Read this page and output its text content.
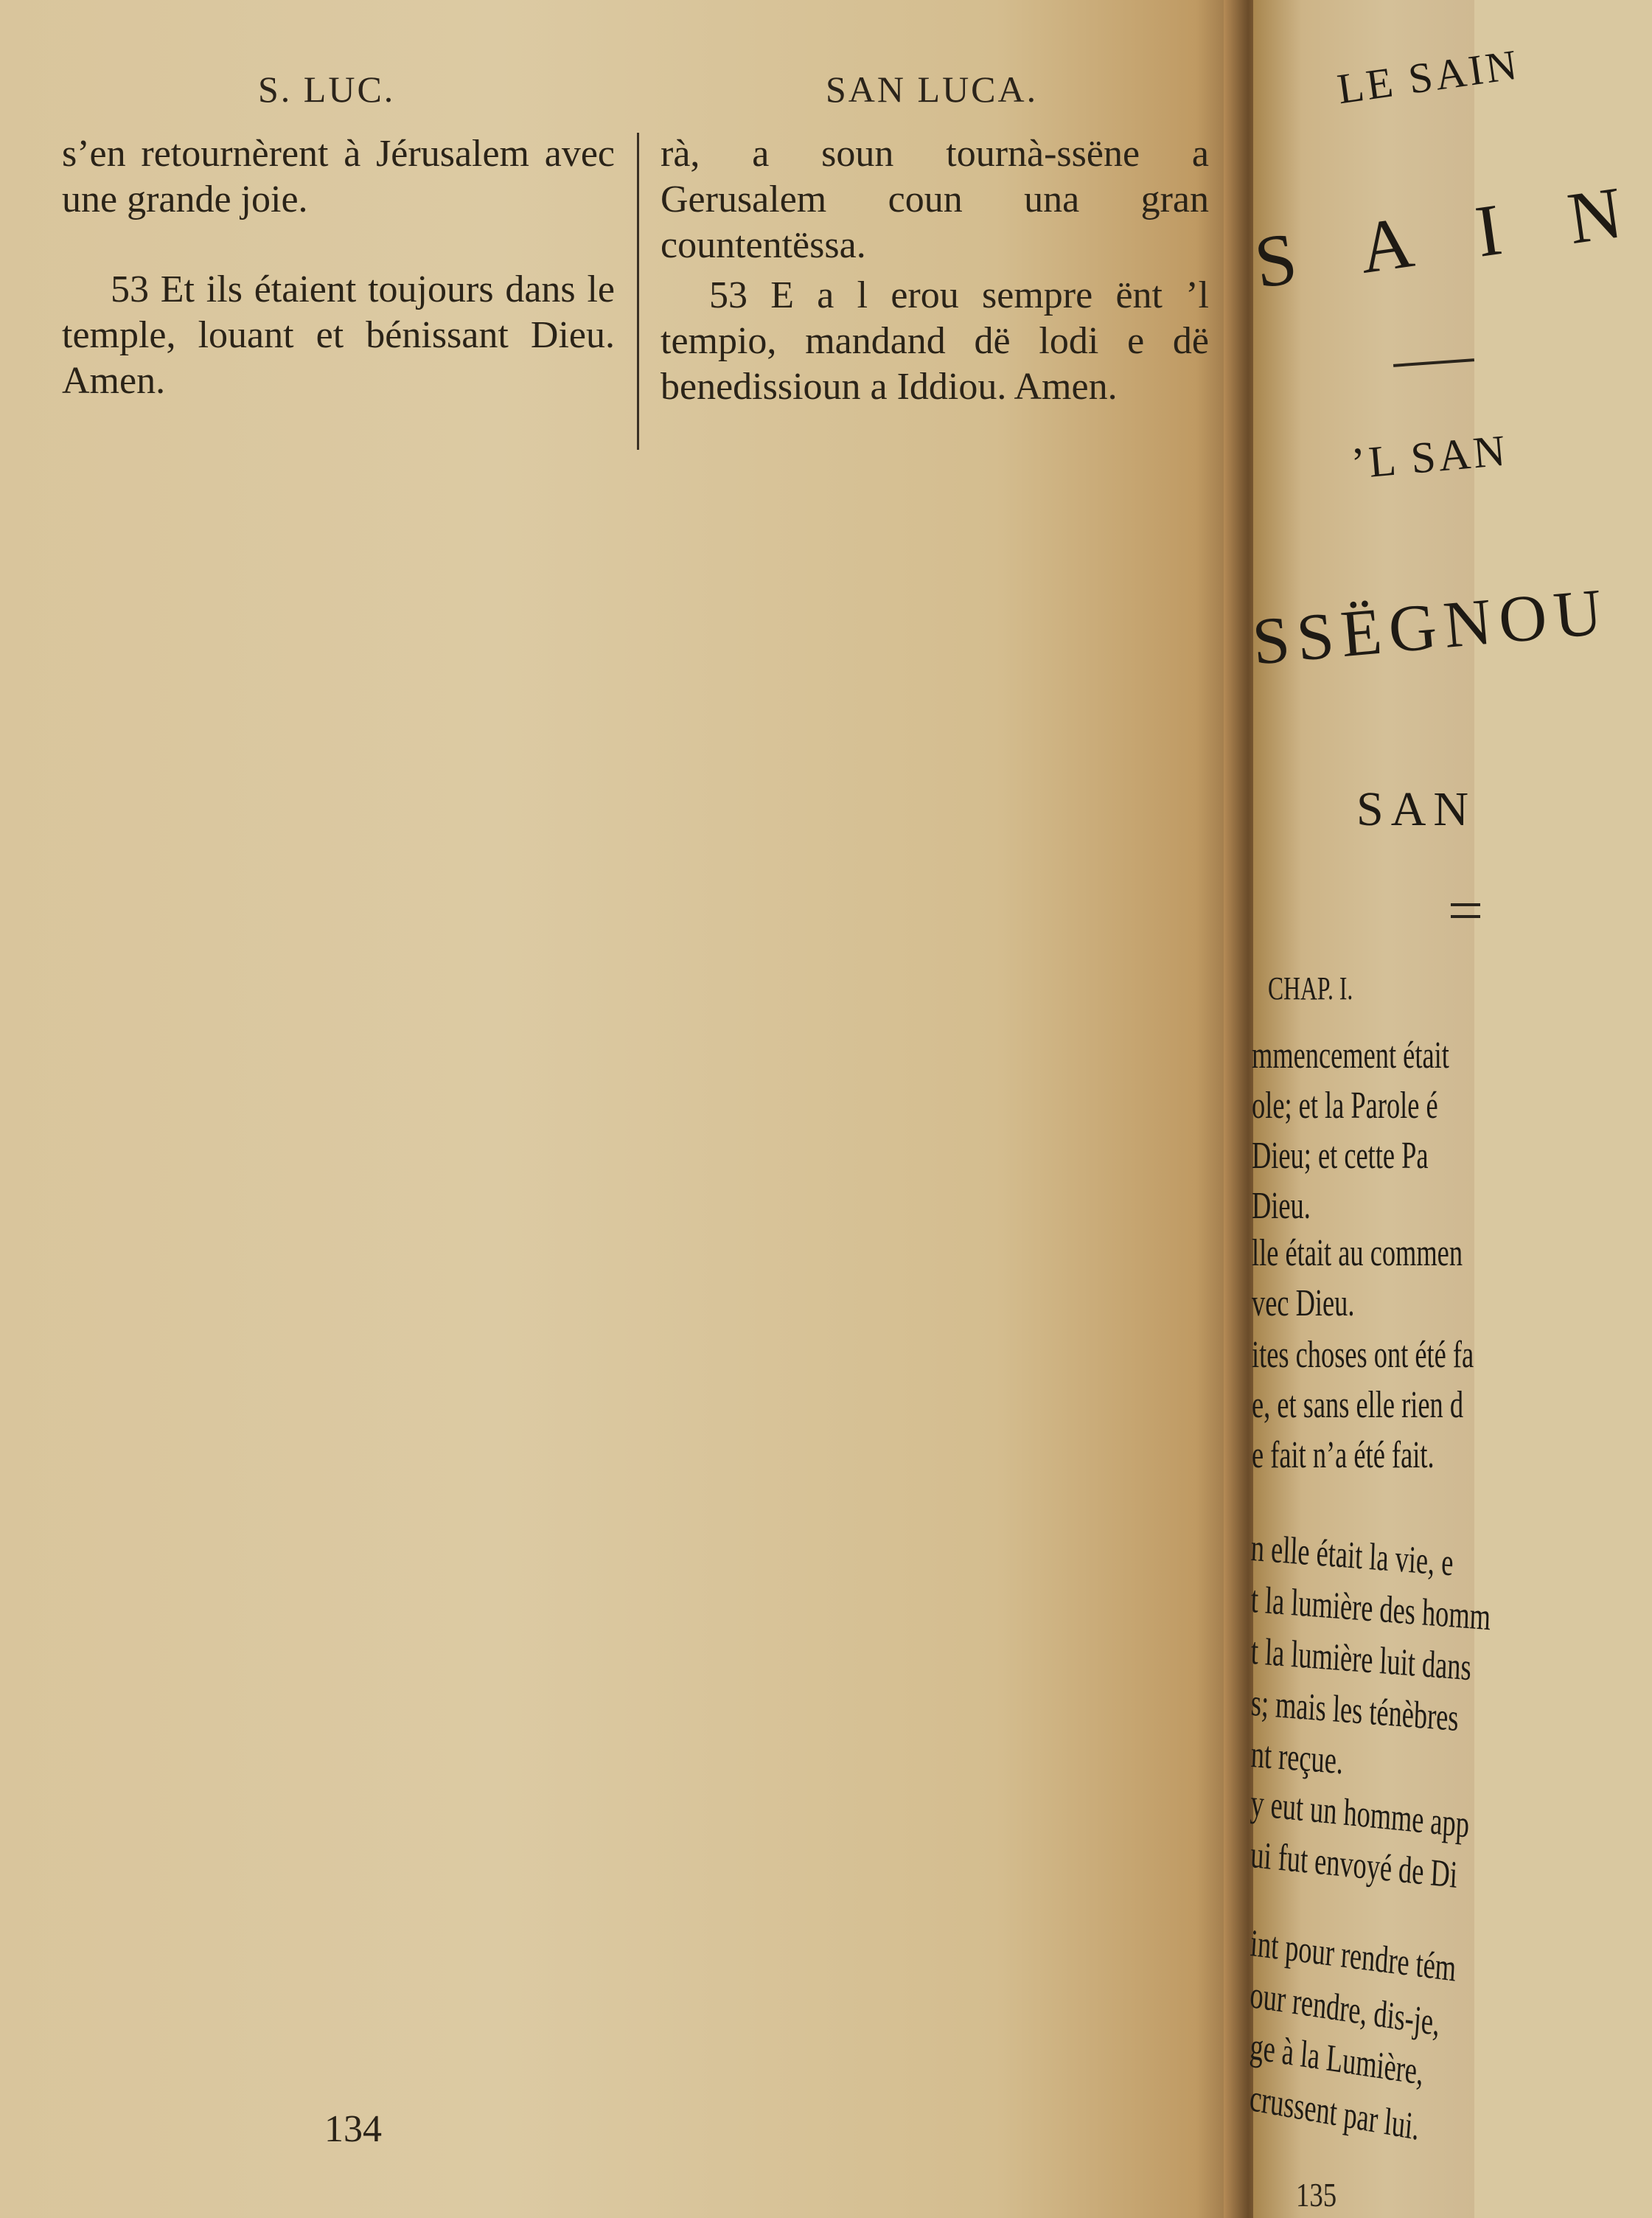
S. LUC.	SAN LUCA.

s’en retournèrent à Jérusalem avec une grande joie.

53 Et ils étaient toujours dans le temple, louant et bénissant Dieu. Amen.

rà, a soun tournà-ssëne a Gerusalem coun una gran countentëssa.

53 E a l erou sempre ënt ’l tempio, mandand dë lodi e dë benedissioun a Iddiou. Amen.

134
LE SAIN
S A I N
’L SAN
SSËGNOU
SAN
CHAP. I.
mmencement était
ole; et la Parole é
Dieu; et cette Pa
Dieu.
lle était au commen
vec Dieu.
ites choses ont été fa
e, et sans elle rien d
e fait n’a été fait.
n elle était la vie, e
t la lumière des homm
t la lumière luit dans
s; mais les ténèbres
nt reçue.
y eut un homme app
ui fut envoyé de Di
int pour rendre tém
our rendre, dis-je,
ge à la Lumière,
crussent par lui.
135
